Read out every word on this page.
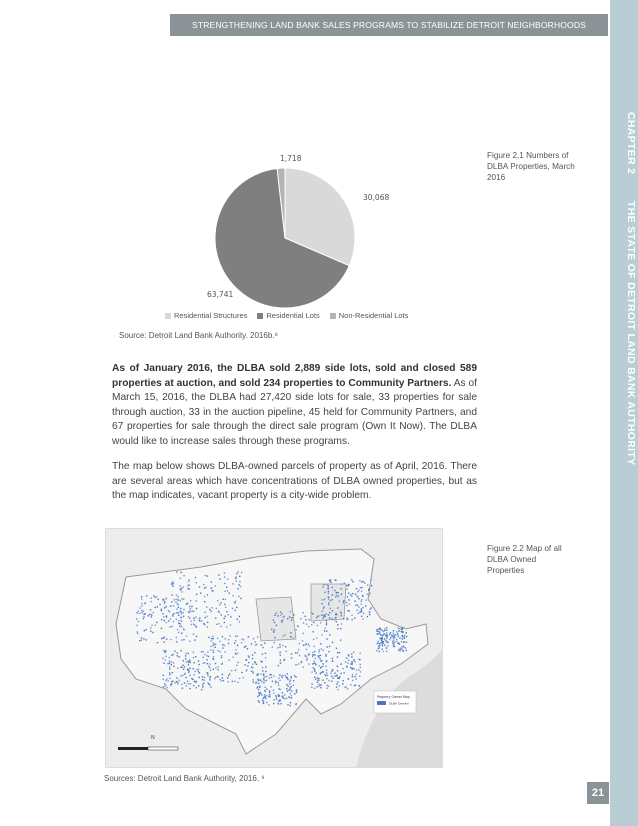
STRENGTHENING LAND BANK SALES PROGRAMS TO STABILIZE DETROIT NEIGHBORHOODS
CHAPTER 2  THE STATE OF DETROIT LAND BANK AUTHORITY
1,718
30,068
63,741
Residential Structures	Residential Lots	Non-Residential Lots
Source: Detroit Land Bank Authority. 2016b.⁸
Figure 2.1 Numbers of DLBA Properties, March 2016
As of January 2016, the DLBA sold 2,889 side lots, sold and closed 589 properties at auction, and sold 234 properties to Community Partners. As of March 15, 2016, the DLBA had 27,420 side lots for sale, 33 properties for sale through auction, 33 in the auction pipeline, 45 held for Community Partners, and 67 properties for sale through the direct sale program (Own It Now). The DLBA would like to increase sales through these programs.
The map below shows DLBA-owned parcels of property as of April, 2016. There are several areas which have concentrations of DLBA owned properties, but as the map indicates, vacant property is a city-wide problem.
Figure 2.2 Map of all DLBA Owned Properties
Property Owner Map
DLBA Owned
N
Sources: Detroit Land Bank Authority, 2016. ⁹
21
